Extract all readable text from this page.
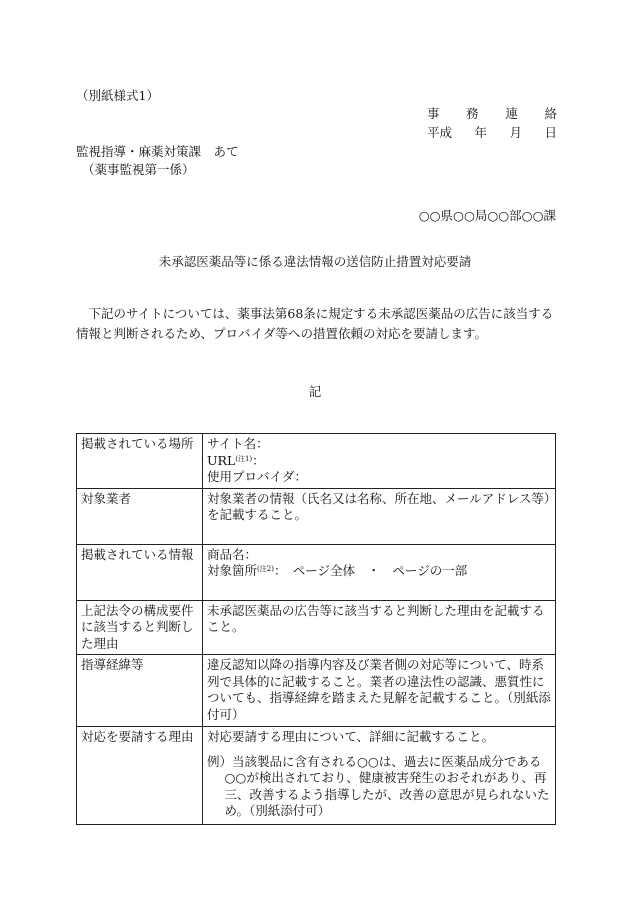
（別紙様式1）
事 務 連 絡
平成 年 月 日
監視指導・麻薬対策課　あて
（薬事監視第一係）
○○県○○局○○部○○課
未承認医薬品等に係る違法情報の送信防止措置対応要請
下記のサイトについては、薬事法第68条に規定する未承認医薬品の広告に該当する情報と判断されるため、プロバイダ等への措置依頼の対応を要請します。
記
掲載されている場所	サイト名：
$URL^{(注1)}$：
使用プロバイダ：

対象業者	対象業者の情報（氏名又は名称、所在地、メールアドレス等）を記載すること。
掲載されている情報	商品名：
対象箇所$^{(注2)}$：　ページ全体　・　ページの一部

上記法令の構成要件に該当すると判断した理由	未承認医薬品の広告等に該当すると判断した理由を記載すること。
指導経緯等	違反認知以降の指導内容及び業者側の対応等について、時系列で具体的に記載すること。業者の違法性の認識、悪質性についても、指導経緯を踏まえた見解を記載すること。（別紙添付可）
対応を要請する理由	対応要請する理由について、詳細に記載すること。
例）当該製品に含有される○○は、過去に医薬品成分である○○が検出されており、健康被害発生のおそれがあり、再三、改善するよう指導したが、改善の意思が見られないため。（別紙添付可）
